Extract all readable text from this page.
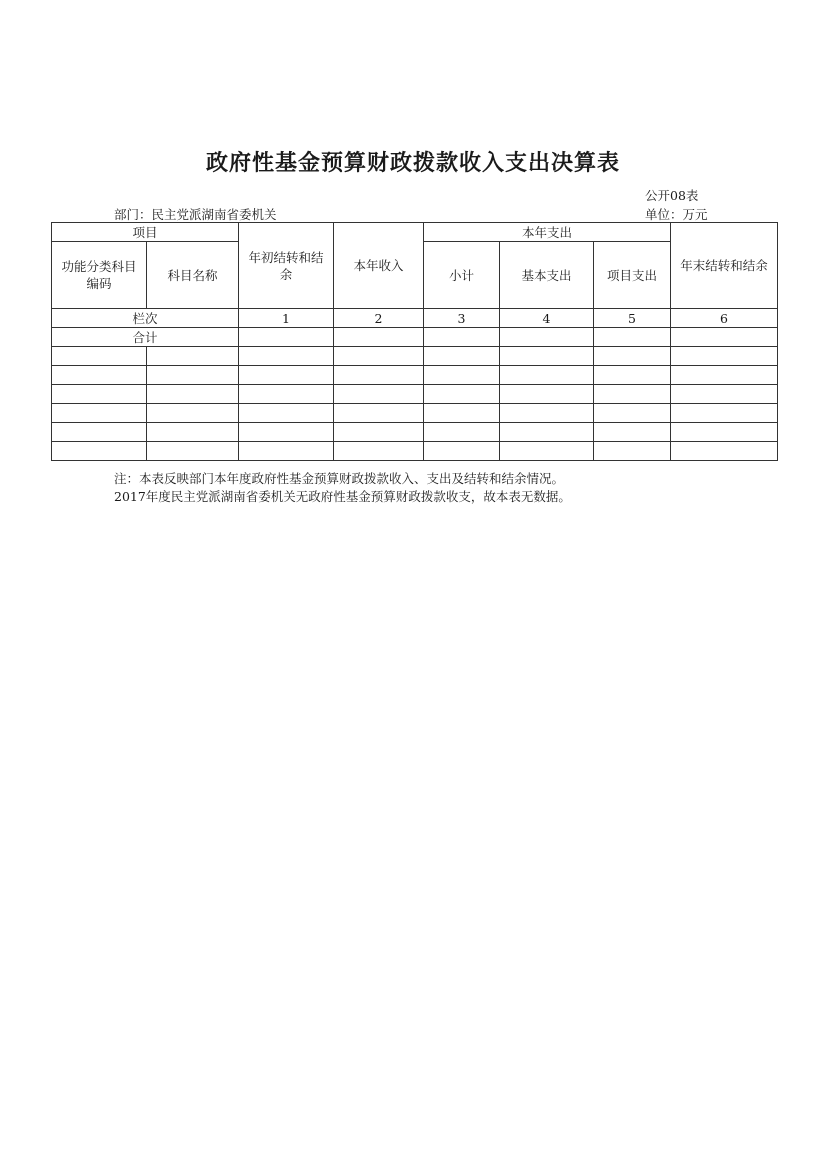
政府性基金预算财政拨款收入支出决算表
公开08表
部门：民主党派湖南省委机关	单位：万元
项目		年初结转和结余	本年收入	本年支出			年末结转和结余
功能分类科目编码	科目名称			小计	基本支出	项目支出	
栏次		1	2	3	4	5	6
合计							

注：本表反映部门本年度政府性基金预算财政拨款收入、支出及结转和结余情况。
2017年度民主党派湖南省委机关无政府性基金预算财政拨款收支，故本表无数据。
